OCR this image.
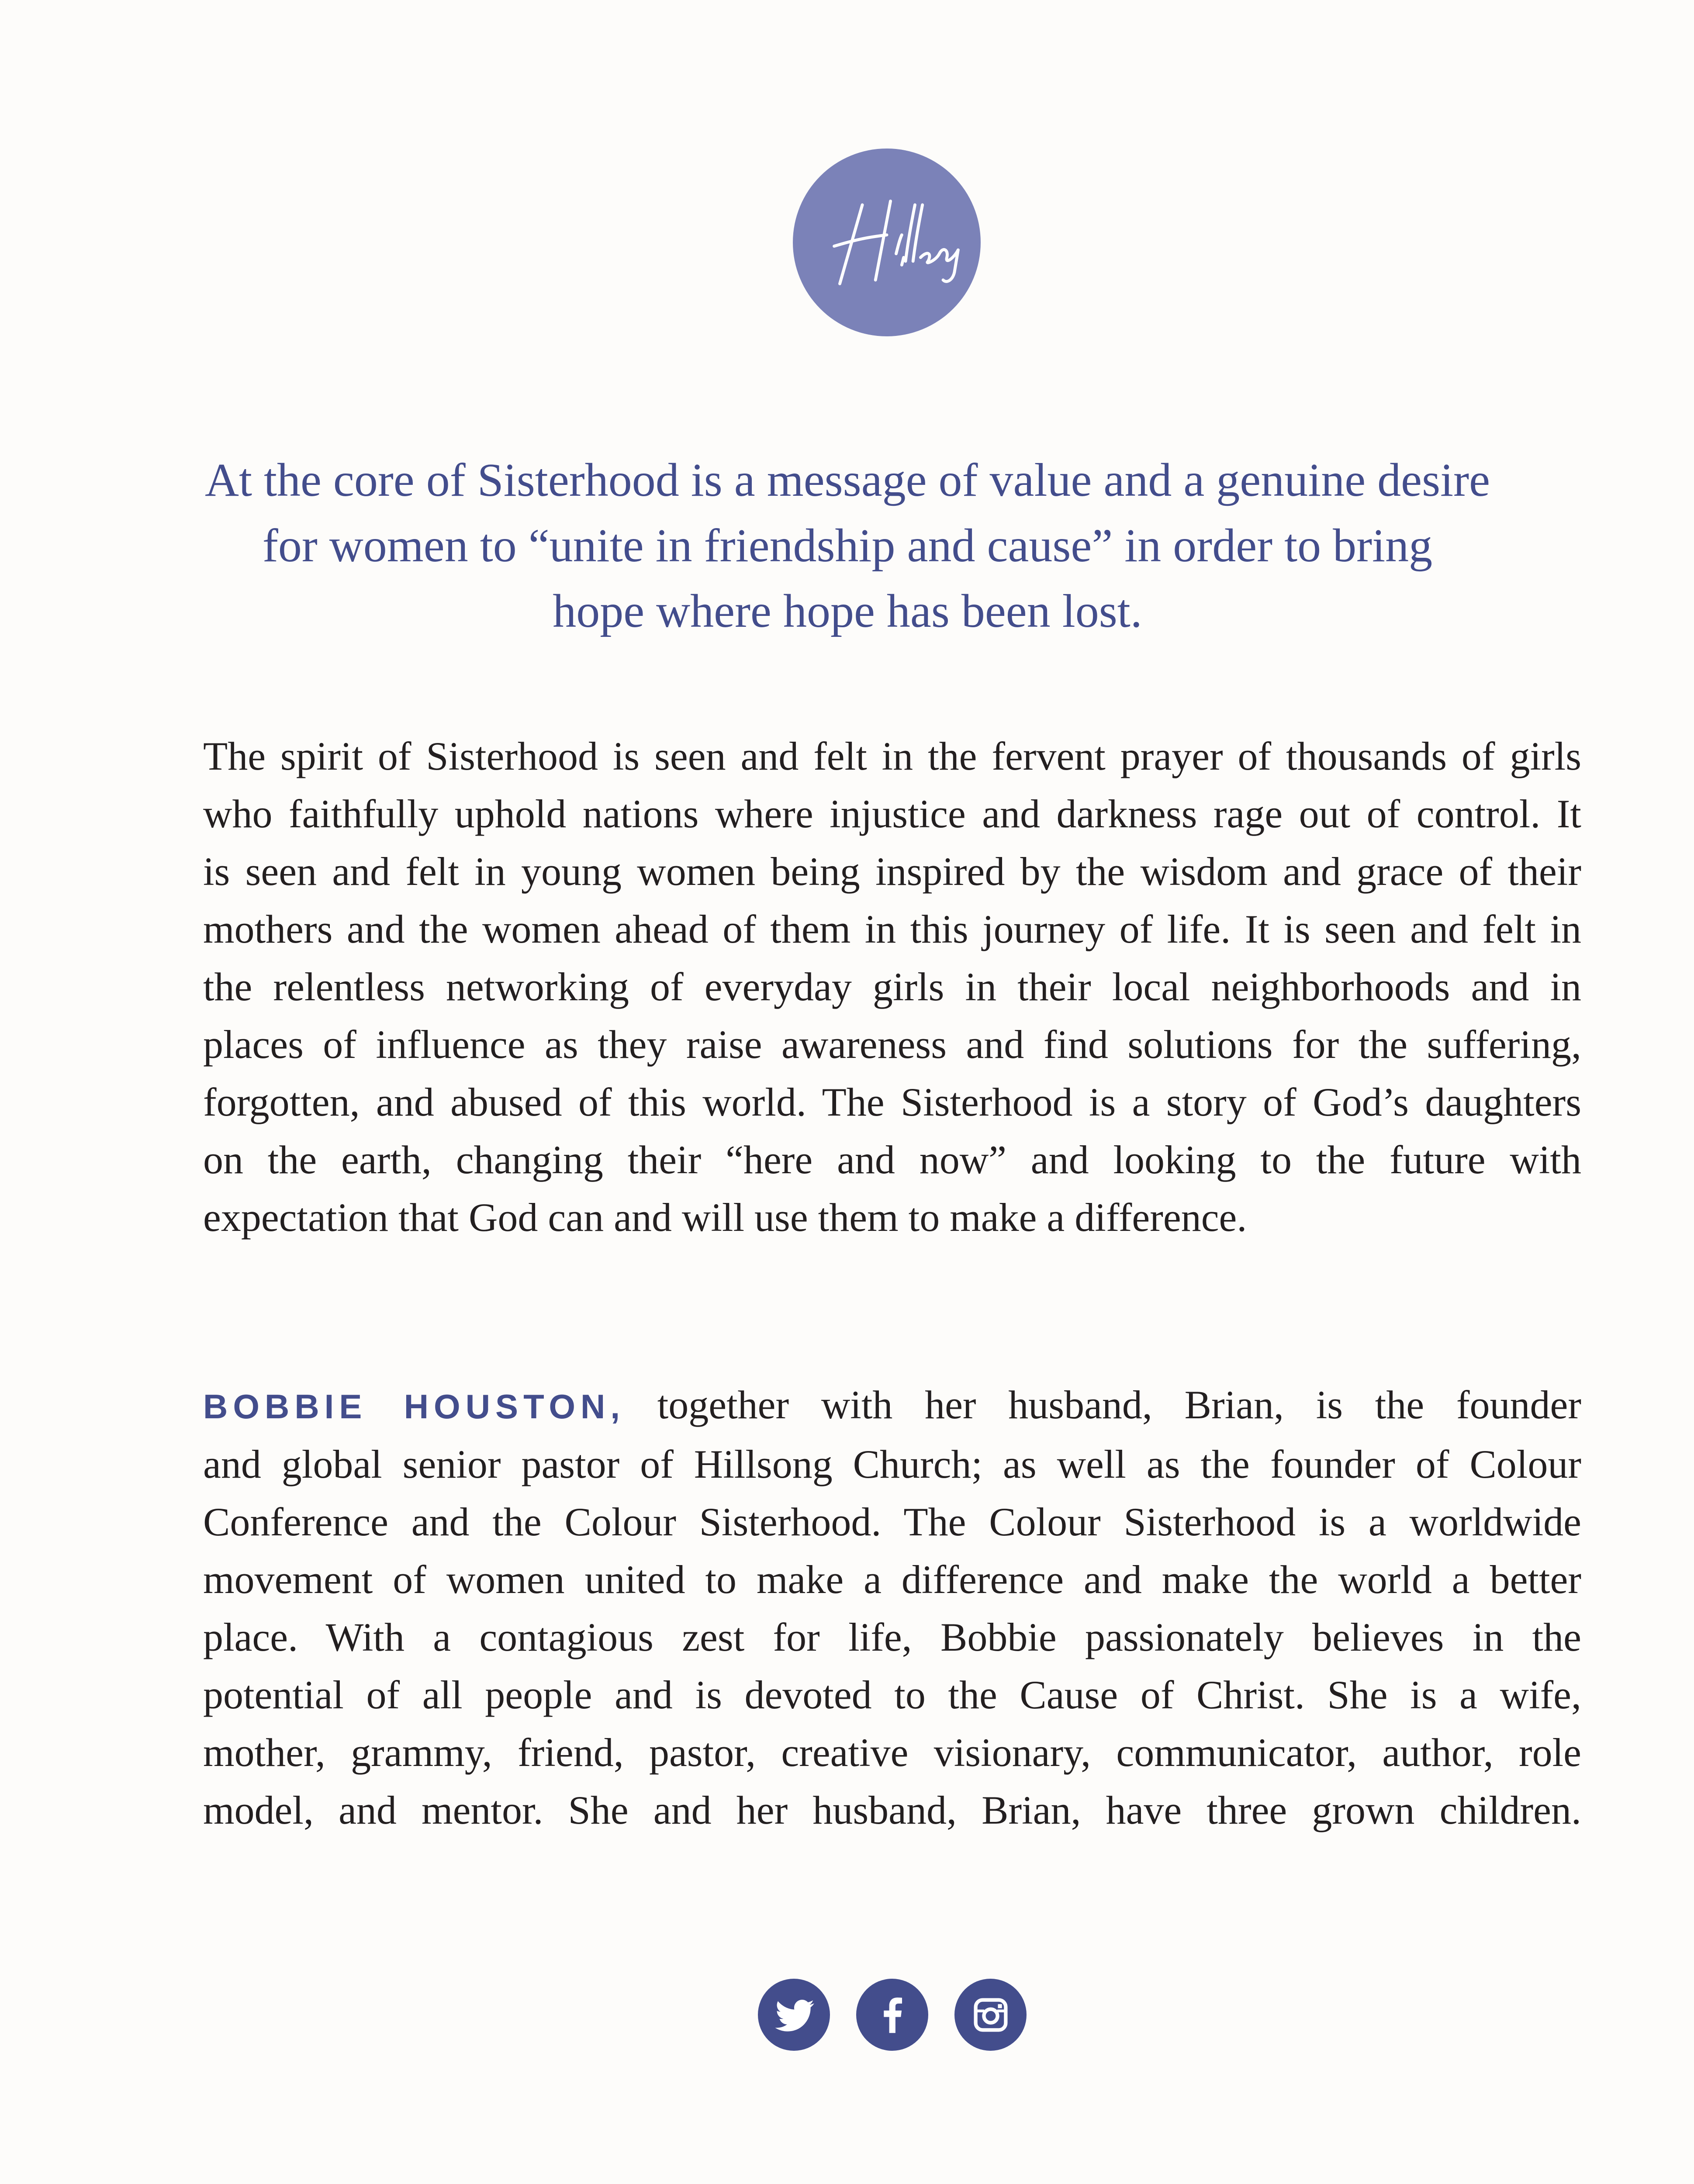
At the core of Sisterhood is a message of value and a genuine desire
for women to “unite in friendship and cause” in order to bring
hope where hope has been lost.
The spirit of Sisterhood is seen and felt in the fervent prayer of thousands of girls
who faithfully uphold nations where injustice and darkness rage out of control. It
is seen and felt in young women being inspired by the wisdom and grace of their
mothers and the women ahead of them in this journey of life. It is seen and felt in
the relentless networking of everyday girls in their local neighborhoods and in
places of influence as they raise awareness and find solutions for the suffering,
forgotten, and abused of this world. The Sisterhood is a story of God’s daughters
on the earth, changing their “here and now” and looking to the future with
expectation that God can and will use them to make a difference.
BOBBIE HOUSTON, together with her husband, Brian, is the founder
and global senior pastor of Hillsong Church; as well as the founder of Colour
Conference and the Colour Sisterhood. The Colour Sisterhood is a worldwide
movement of women united to make a difference and make the world a better
place. With a contagious zest for life, Bobbie passionately believes in the
potential of all people and is devoted to the Cause of Christ. She is a wife,
mother, grammy, friend, pastor, creative visionary, communicator, author, role
model, and mentor. She and her husband, Brian, have three grown children.
